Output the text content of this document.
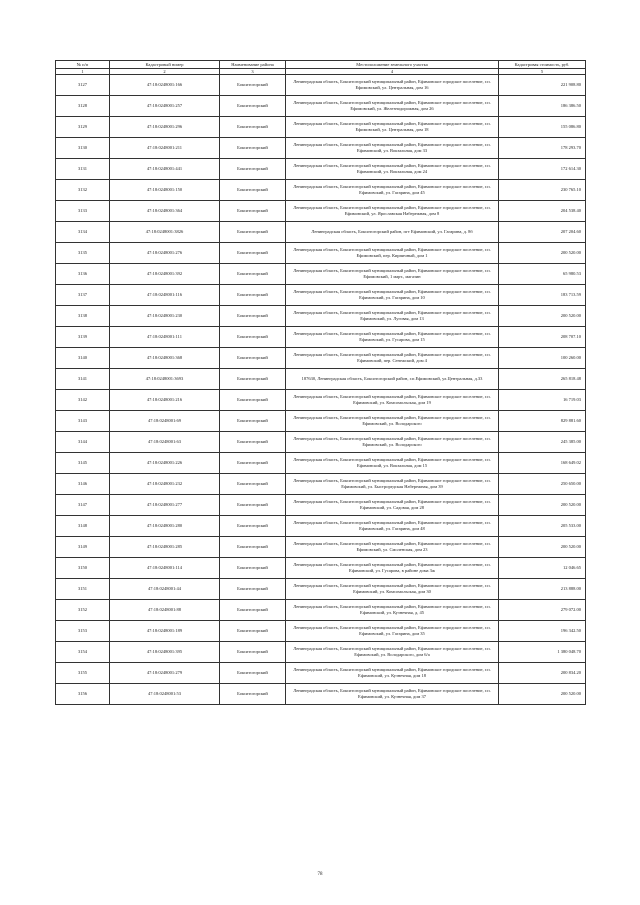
№ п/п	Кадастровый номер	Наименование района	Местоположение земельного участка	Кадастровая стоимость, руб.
1	2	3	4	5
3127	47:18:0248001:166	Бокситогорский	Ленинградская область, Бокситогорский муниципальный район, Ефимовское городское поселение, г.п. Ефимовский, ул. Центральная, дом 16	221 908.80
3128	47:18:0248001:257	Бокситогорский	Ленинградская область, Бокситогорский муниципальный район, Ефимовское городское поселение, г.п. Ефимовский, ул. Железнодорожная, дом 26	186 386.50
3129	47:18:0248001:296	Бокситогорский	Ленинградская область, Бокситогорский муниципальный район, Ефимовское городское поселение, г.п. Ефимовский, ул. Центральная, дом 18	155 086.80
3130	47:18:0248001:211	Бокситогорский	Ленинградская область, Бокситогорский муниципальный район, Ефимовское городское поселение, г.п. Ефимовский, ул. Вокзальная, дом 33	178 293.70
3131	47:18:0248001:441	Бокситогорский	Ленинградская область, Бокситогорский муниципальный район, Ефимовское городское поселение, г.п. Ефимовский, ул. Вокзальная, дом 24	172 614.30
3132	47:18:0248001:150	Бокситогорский	Ленинградская область, Бокситогорский муниципальный район, Ефимовское городское поселение, г.п. Ефимовский, ул. Гагарина, дом 45	230 765.10
3133	47:18:0248001:364	Бокситогорский	Ленинградская область, Бокситогорский муниципальный район, Ефимовское городское поселение, г.п. Ефимовский, ул. Ярославская Набережная, дом 8	204 538.40
3134	47:18:0248001:3826	Бокситогорский	Ленинградская область, Бокситогорский район, пгт Ефимовский, ул. Гагарина, д. 8б	207 204.60
3135	47:18:0248001:276	Бокситогорский	Ленинградская область, Бокситогорский муниципальный район, Ефимовское городское поселение, г.п. Ефимовский, пер. Кирпичный, дом 1	200 520.00
3136	47:18:0248001:392	Бокситогорский	Ленинградская область, Бокситогорский муниципальный район, Ефимовское городское поселение, г.п. Ефимовский, 1 март., магазин	65 980.53
3137	47:18:0248001:116	Бокситогорский	Ленинградская область, Бокситогорский муниципальный район, Ефимовское городское поселение, г.п. Ефимовский, ул. Гагарина, дом 10	183 713.59
3138	47:18:0248001:230	Бокситогорский	Ленинградская область, Бокситогорский муниципальный район, Ефимовское городское поселение, г.п. Ефимовский, ул. Луговая, дом 13	200 520.00
3139	47:18:0248001:111	Бокситогорский	Ленинградская область, Бокситогорский муниципальный район, Ефимовское городское поселение, г.п. Ефимовский, ул. Гусарова, дом 15	208 707.10
3140	47:18:0248001:368	Бокситогорский	Ленинградская область, Бокситогорский муниципальный район, Ефимовское городское поселение, г.п. Ефимовский, пер. Сенежский, дом 4	100 260.00
3141	47:18:0248001:3693	Бокситогорский	187630, Ленинградская область, Бокситогорский район, г.п.Ефимовский, ул.Центральная, д.33	265 818.48
3142	47:18:0248001:216	Бокситогорский	Ленинградская область, Бокситогорский муниципальный район, Ефимовское городское поселение, г.п. Ефимовский, ул. Комсомольская, дом 19	16 719.03
3143	47:18:0248001:69	Бокситогорский	Ленинградская область, Бокситогорский муниципальный район, Ефимовское городское поселение, г.п. Ефимовский, ул. Володарского	829 881.60
3144	47:18:0248001:63	Бокситогорский	Ленинградская область, Бокситогорский муниципальный район, Ефимовское городское поселение, г.п. Ефимовский, ул. Володарского	245 385.00
3145	47:18:0248001:226	Бокситогорский	Ленинградская область, Бокситогорский муниципальный район, Ефимовское городское поселение, г.п. Ефимовский, ул. Вокзальная, дом 15	168 649.02
3146	47:18:0248001:232	Бокситогорский	Ленинградская область, Бокситогорский муниципальный район, Ефимовское городское поселение, г.п. Ефимовский, ул. Быстроредская Набережная, дом 39	250 650.00
3147	47:18:0248001:277	Бокситогорский	Ленинградская область, Бокситогорский муниципальный район, Ефимовское городское поселение, г.п. Ефимовский, ул. Садовая, дом 28	200 520.00
3148	47:18:0248001:280	Бокситогорский	Ленинградская область, Бокситогорский муниципальный район, Ефимовское городское поселение, г.п. Ефимовский, ул. Гагарина, дом 48	205 533.00
3149	47:18:0248001:285	Бокситогорский	Ленинградская область, Бокситогорский муниципальный район, Ефимовское городское поселение, г.п. Ефимовский, ул. Смоленская, дом 23	200 520.00
3150	47:18:0248001:114	Бокситогорский	Ленинградская область, Бокситогорский муниципальный район, Ефимовское городское поселение, г.п. Ефимовский, ул. Гусарова, в районе дома 3ж	12 046.65
3151	47:18:0248001:44	Бокситогорский	Ленинградская область, Бокситогорский муниципальный район, Ефимовское городское поселение, г.п. Ефимовский, ул. Комсомольская, дом 30	213 888.00
3152	47:18:0248001:88	Бокситогорский	Ленинградская область, Бокситогорский муниципальный район, Ефимовское городское поселение, г.п. Ефимовский, ул. Кузнечная, д. 45	279 072.00
3153	47:18:0248001:189	Бокситогорский	Ленинградская область, Бокситогорский муниципальный район, Ефимовское городское поселение, г.п. Ефимовский, ул. Гагарина, дом 35	196 342.50
3154	47:18:0248001:395	Бокситогорский	Ленинградская область, Бокситогорский муниципальный район, Ефимовское городское поселение, г.п. Ефимовский, ул. Володарского, дом 6/а	1 380 048.70
3155	47:18:0248001:279	Бокситогорский	Ленинградская область, Бокситогорский муниципальный район, Ефимовское городское поселение, г.п. Ефимовский, ул. Кузнечная, дом 18	200 834.20
3156	47:18:0248001:53	Бокситогорский	Ленинградская область, Бокситогорский муниципальный район, Ефимовское городское поселение, г.п. Ефимовский, ул. Кузнечная, дом 37	200 520.00
78
